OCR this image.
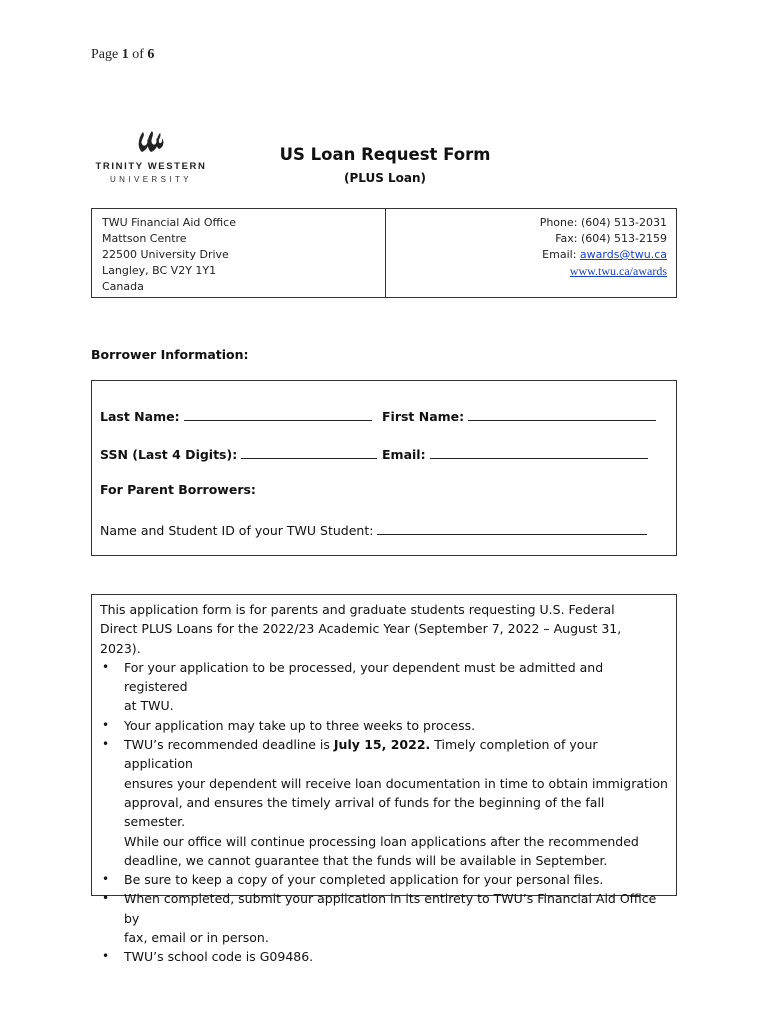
Page 1 of 6
TRINITY WESTERN
UNIVERSITY
US Loan Request Form
(PLUS Loan)
TWU Financial Aid Office
Mattson Centre
22500 University Drive
Langley, BC V2Y 1Y1
Canada
Phone: (604) 513-2031
Fax: (604) 513-2159
Email: awards@twu.ca
www.twu.ca/awards
Borrower Information:
Last Name:	First Name:
SSN (Last 4 Digits):	Email:
For Parent Borrowers:
Name and Student ID of your TWU Student:

This application form is for parents and graduate students requesting U.S. Federal
Direct PLUS Loans for the 2022/23 Academic Year (September 7, 2022 – August 31,
2023).

• For your application to be processed, your dependent must be admitted and registered
at TWU.
• Your application may take up to three weeks to process.
• TWU’s recommended deadline is July 15, 2022. Timely completion of your application
ensures your dependent will receive loan documentation in time to obtain immigration
approval, and ensures the timely arrival of funds for the beginning of the fall semester.
While our office will continue processing loan applications after the recommended
deadline, we cannot guarantee that the funds will be available in September.
• Be sure to keep a copy of your completed application for your personal files.
• When completed, submit your application in its entirety to TWU’s Financial Aid Office by
fax, email or in person.
• TWU’s school code is G09486.
